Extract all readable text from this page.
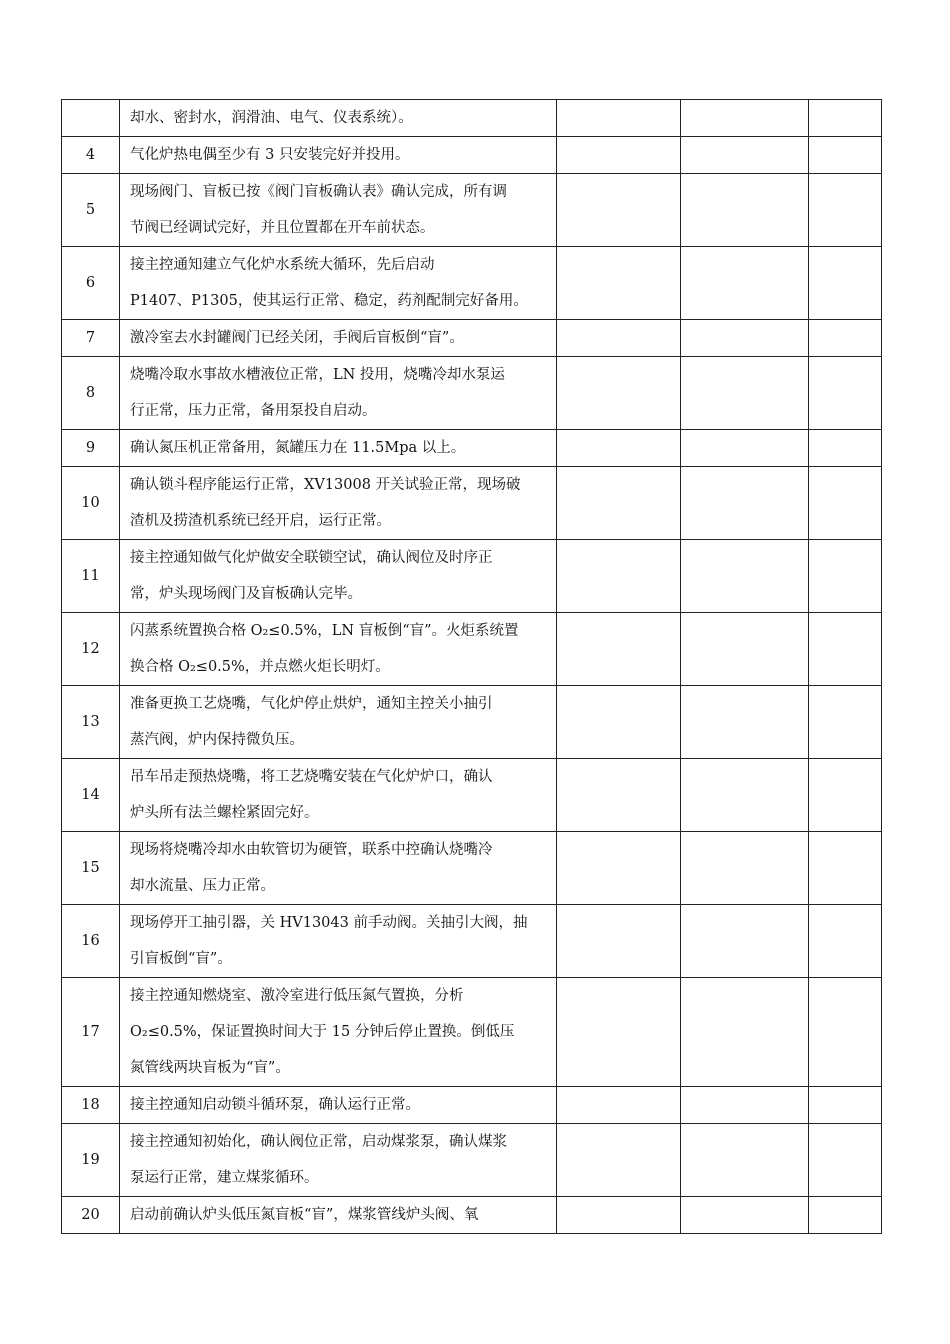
	却水、密封水，润滑油、电气、仪表系统）。			

4	气化炉热电偶至少有 3 只安装完好并投用。			

5	现场阀门、盲板已按《阀门盲板确认表》确认完成，所有调
节阀已经调试完好，并且位置都在开车前状态。			

6	接主控通知建立气化炉水系统大循环，先后启动
P1407、P1305，使其运行正常、稳定，药剂配制完好备用。			

7	激冷室去水封罐阀门已经关闭，手阀后盲板倒“盲”。			

8	烧嘴冷取水事故水槽液位正常，LN 投用，烧嘴冷却水泵运
行正常，压力正常，备用泵投自启动。			

9	确认氮压机正常备用，氮罐压力在 11.5Mpa 以上。			

10	确认锁斗程序能运行正常，XV13008 开关试验正常，现场破
渣机及捞渣机系统已经开启，运行正常。			

11	接主控通知做气化炉做安全联锁空试，确认阀位及时序正
常，炉头现场阀门及盲板确认完毕。			

12	闪蒸系统置换合格 O₂≤0.5%，LN 盲板倒“盲”。火炬系统置
换合格 O₂≤0.5%，并点燃火炬长明灯。			

13	准备更换工艺烧嘴，气化炉停止烘炉，通知主控关小抽引
蒸汽阀，炉内保持微负压。			

14	吊车吊走预热烧嘴，将工艺烧嘴安装在气化炉炉口，确认
炉头所有法兰螺栓紧固完好。			

15	现场将烧嘴冷却水由软管切为硬管，联系中控确认烧嘴冷
却水流量、压力正常。			

16	现场停开工抽引器，关 HV13043 前手动阀。关抽引大阀，抽
引盲板倒“盲”。			

17	接主控通知燃烧室、激冷室进行低压氮气置换，分析
O₂≤0.5%，保证置换时间大于 15 分钟后停止置换。倒低压
氮管线两块盲板为“盲”。			

18	接主控通知启动锁斗循环泵，确认运行正常。			

19	接主控通知初始化，确认阀位正常，启动煤浆泵，确认煤浆
泵运行正常，建立煤浆循环。			

20	启动前确认炉头低压氮盲板“盲”，煤浆管线炉头阀、氧			
